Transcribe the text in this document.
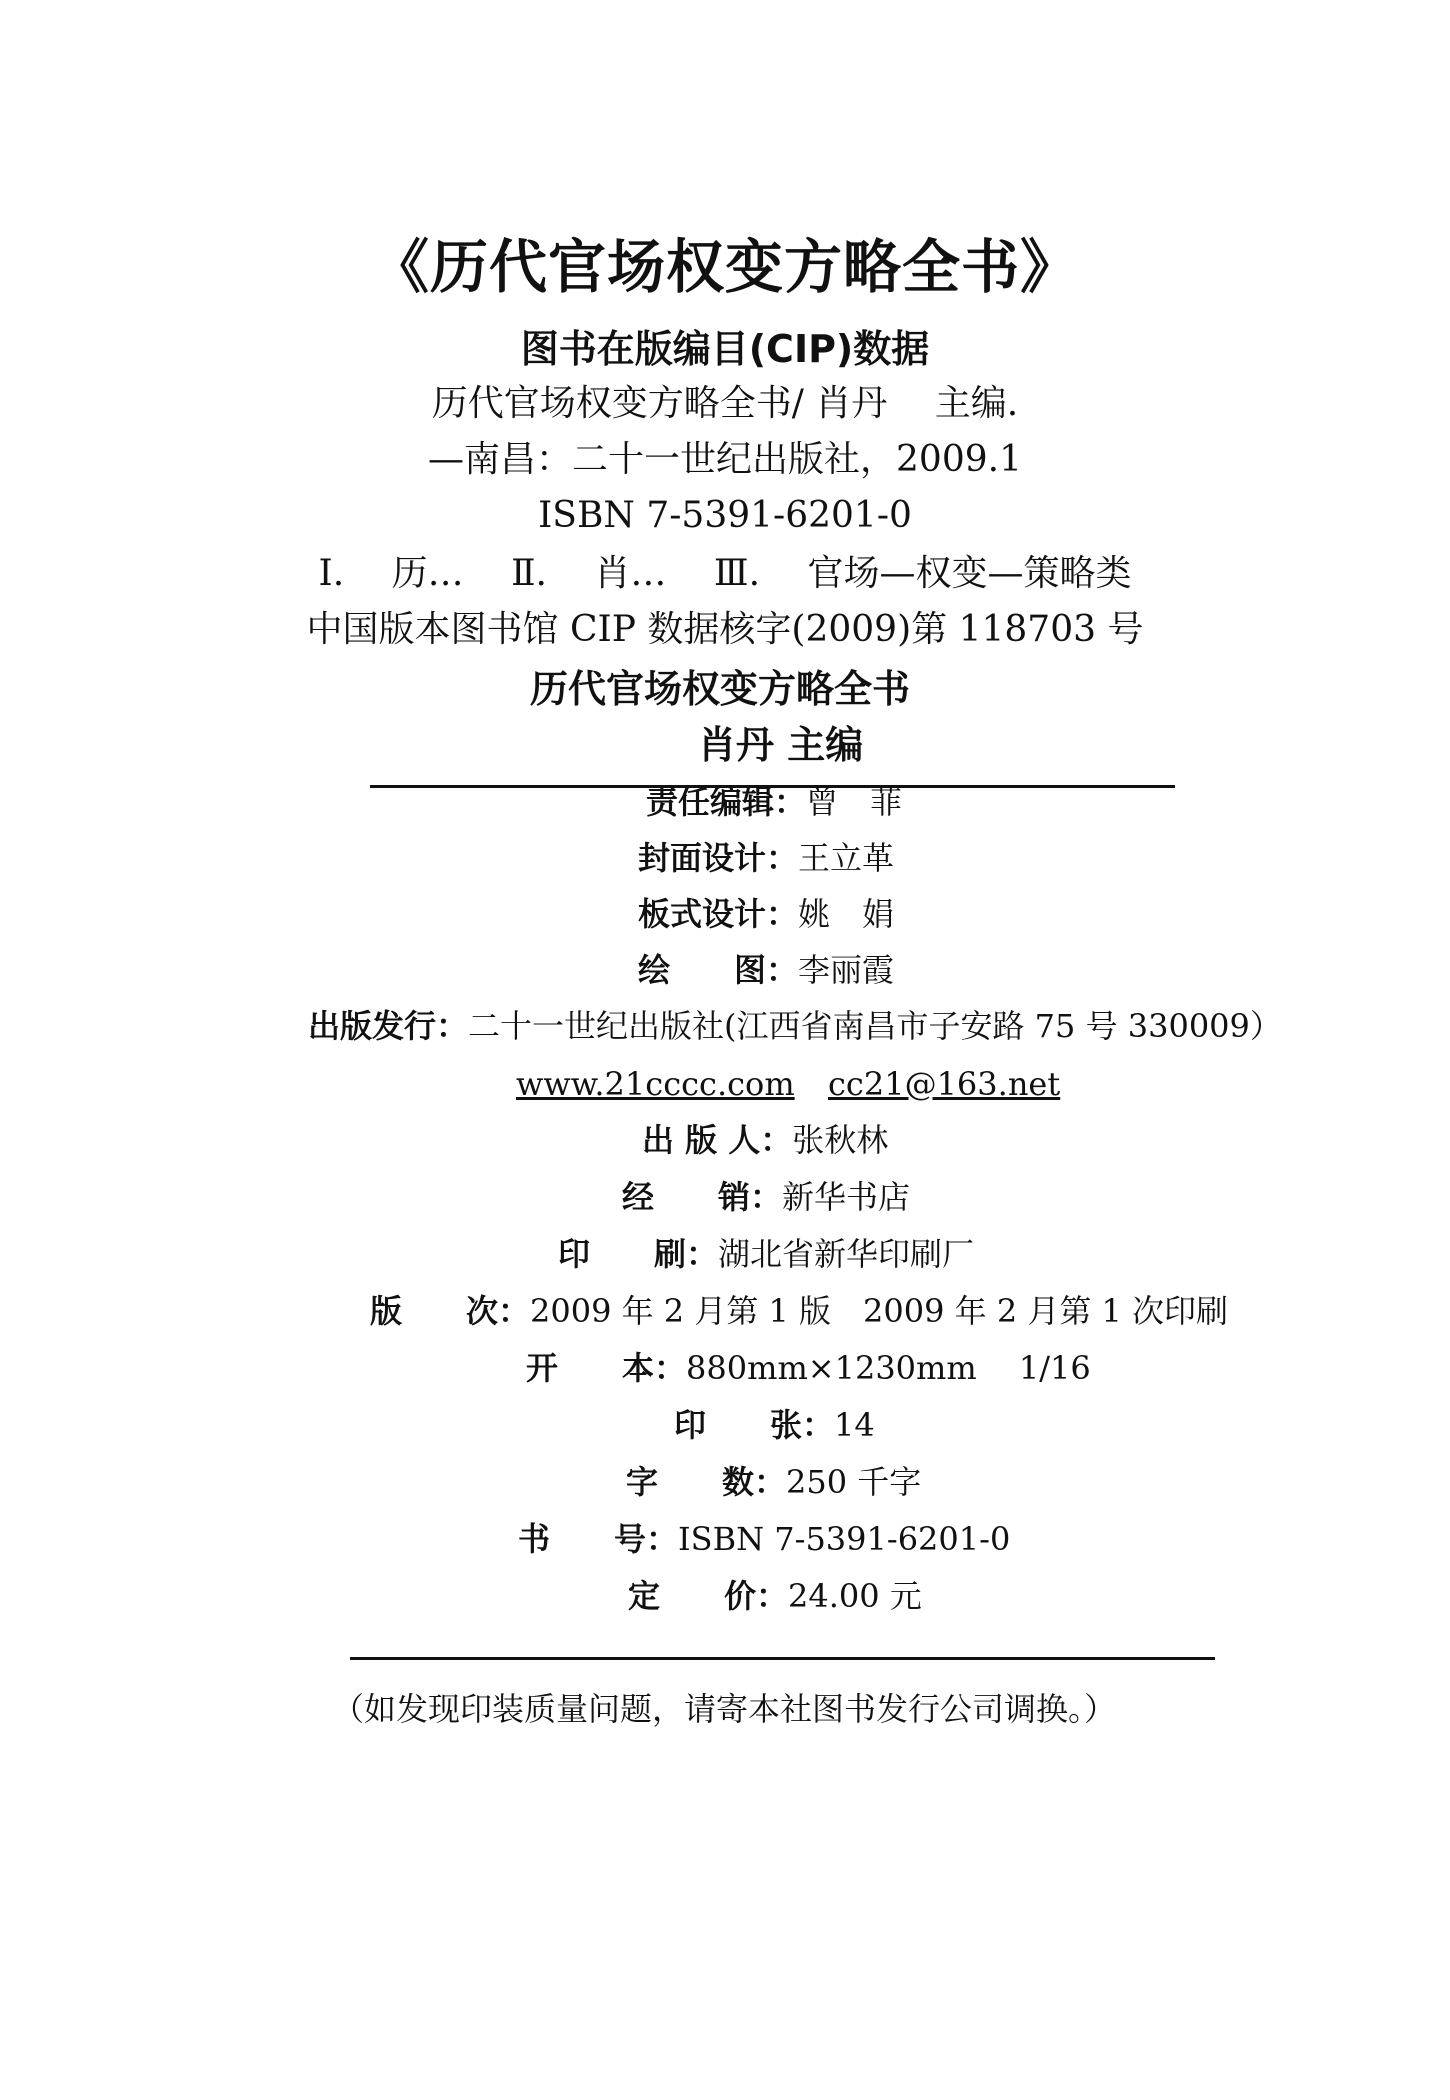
《历代官场权变方略全书》
图书在版编目(CIP)数据
历代官场权变方略全书/ 肖丹　 主编.
—南昌：二十一世纪出版社，2009.1
ISBN 7-5391-6201-0
Ⅰ. 　历… 　Ⅱ. 　肖… 　Ⅲ. 　官场—权变—策略类
中国版本图书馆 CIP 数据核字(2009)第 118703 号
历代官场权变方略全书
肖丹 主编
责任编辑：曾　菲
封面设计：王立革
板式设计：姚　娟
绘　　图：李丽霞
出版发行：二十一世纪出版社(江西省南昌市子安路 75 号 330009）
www.21cccc.com cc21@163.net
出 版 人：张秋林
经　　销：新华书店
印　　刷：湖北省新华印刷厂
版　　次：2009 年 2 月第 1 版　2009 年 2 月第 1 次印刷
开　　本：880mm×1230mm　 1/16
印　　张：14
字　　数：250 千字
书　　号：ISBN 7-5391-6201-0
定　　价：24.00 元
（如发现印装质量问题，请寄本社图书发行公司调换。）
